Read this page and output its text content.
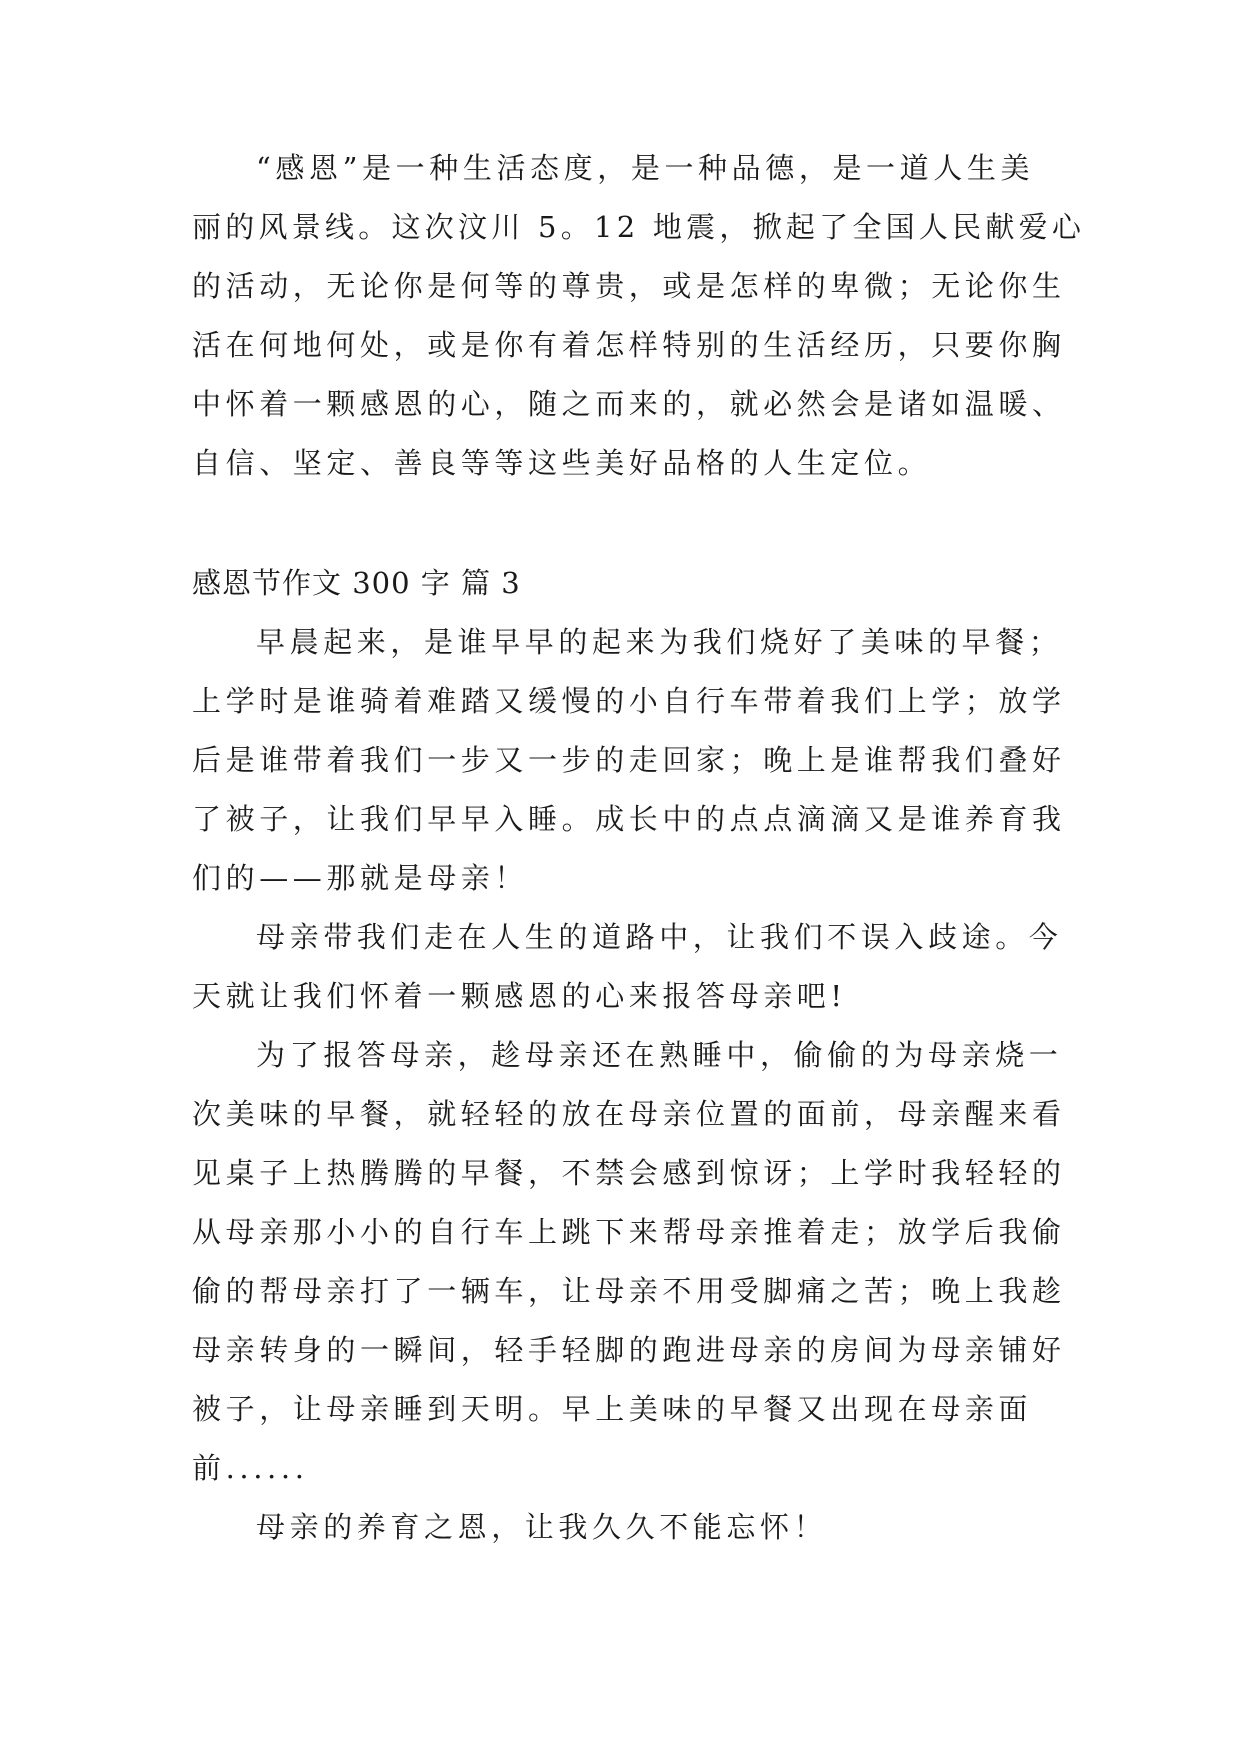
“感恩”是一种生活态度，是一种品德，是一道人生美
丽的风景线。这次汶川 5。12 地震，掀起了全国人民献爱心
的活动，无论你是何等的尊贵，或是怎样的卑微；无论你生
活在何地何处，或是你有着怎样特别的生活经历，只要你胸
中怀着一颗感恩的心，随之而来的，就必然会是诸如温暖、
自信、坚定、善良等等这些美好品格的人生定位。
感恩节作文 300 字 篇 3
早晨起来，是谁早早的起来为我们烧好了美味的早餐；
上学时是谁骑着难踏又缓慢的小自行车带着我们上学；放学
后是谁带着我们一步又一步的走回家；晚上是谁帮我们叠好
了被子，让我们早早入睡。成长中的点点滴滴又是谁养育我
们的——那就是母亲！
母亲带我们走在人生的道路中，让我们不误入歧途。今
天就让我们怀着一颗感恩的心来报答母亲吧!
为了报答母亲，趁母亲还在熟睡中，偷偷的为母亲烧一
次美味的早餐，就轻轻的放在母亲位置的面前，母亲醒来看
见桌子上热腾腾的早餐，不禁会感到惊讶；上学时我轻轻的
从母亲那小小的自行车上跳下来帮母亲推着走；放学后我偷
偷的帮母亲打了一辆车，让母亲不用受脚痛之苦；晚上我趁
母亲转身的一瞬间，轻手轻脚的跑进母亲的房间为母亲铺好
被子，让母亲睡到天明。早上美味的早餐又出现在母亲面
前......
母亲的养育之恩，让我久久不能忘怀！
